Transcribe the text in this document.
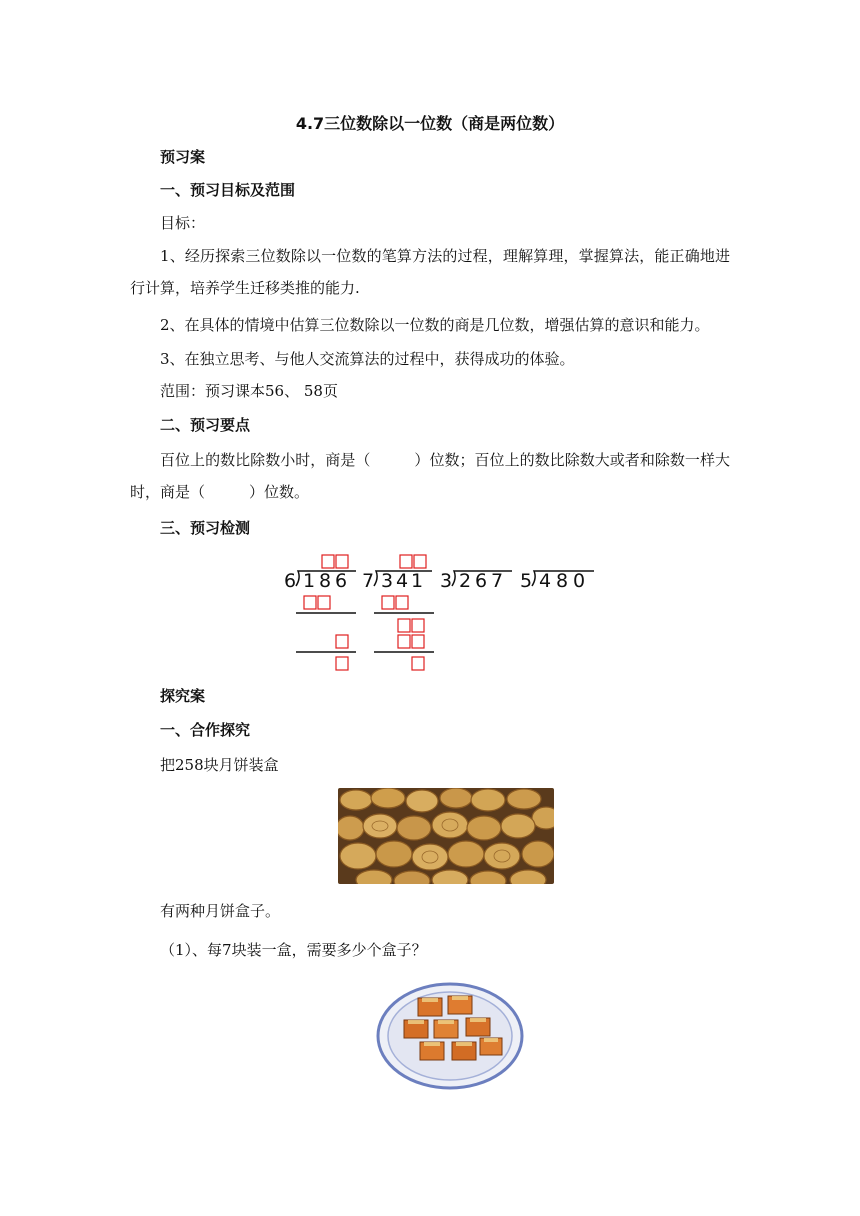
4.7三位数除以一位数（商是两位数）
预习案
一、预习目标及范围
目标：
1、经历探索三位数除以一位数的笔算方法的过程，理解算理，掌握算法，能正确地进行计算，培养学生迁移类推的能力.
2、在具体的情境中估算三位数除以一位数的商是几位数，增强估算的意识和能力。
3、在独立思考、与他人交流算法的过程中，获得成功的体验。
范围：预习课本56、 58页
二、预习要点
百位上的数比除数小时，商是（	）位数；百位上的数比除数大或者和除数一样大时，商是（	）位数。
三、预习检测
6 1 8 6 7 3 4 1 3 2 6 7 5 4 8 0
探究案
一、合作探究
把258块月饼装盒
有两种月饼盒子。
（1）、每7块装一盒，需要多少个盒子？
